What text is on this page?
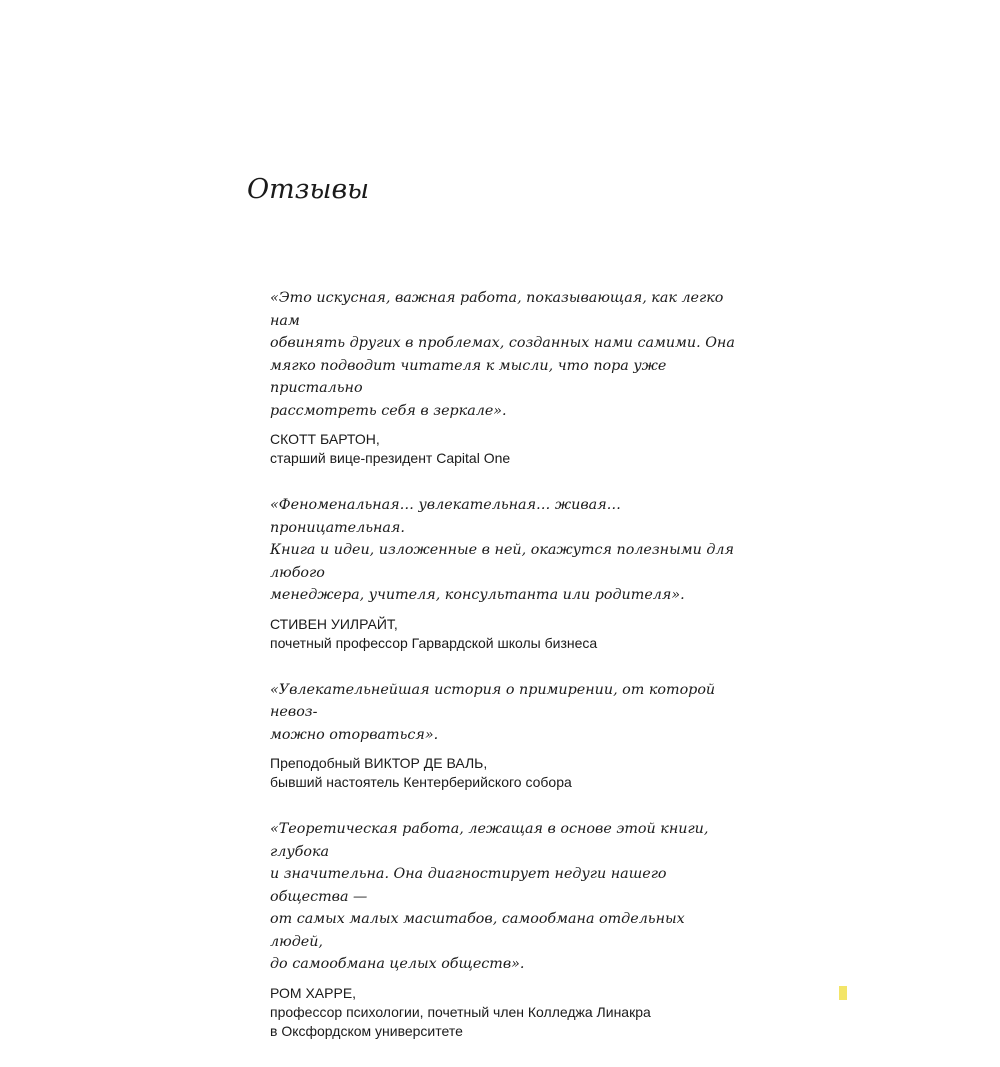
Отзывы

«Это искусная, важная работа, показывающая, как легко нам
обвинять других в проблемах, созданных нами самими. Она
мягко подводит читателя к мысли, что пора уже пристально
рассмотреть себя в зеркале».

СКОТТ БАРТОН,
старший вице-президент Capital One

«Феноменальная… увлекательная… живая… проницательная.
Книга и идеи, изложенные в ней, окажутся полезными для любого
менеджера, учителя, консультанта или родителя».

СТИВЕН УИЛРАЙТ,
почетный профессор Гарвардской школы бизнеса

«Увлекательнейшая история о примирении, от которой невоз-
можно оторваться».

Преподобный ВИКТОР ДЕ ВАЛЬ,
бывший настоятель Кентерберийского собора

«Теоретическая работа, лежащая в основе этой книги, глубока
и значительна. Она диагностирует недуги нашего общества —
от самых малых масштабов, самообмана отдельных людей,
до самообмана целых обществ».

РОМ ХАРРЕ,
профессор психологии, почетный член Колледжа Линакра
в Оксфордском университете
